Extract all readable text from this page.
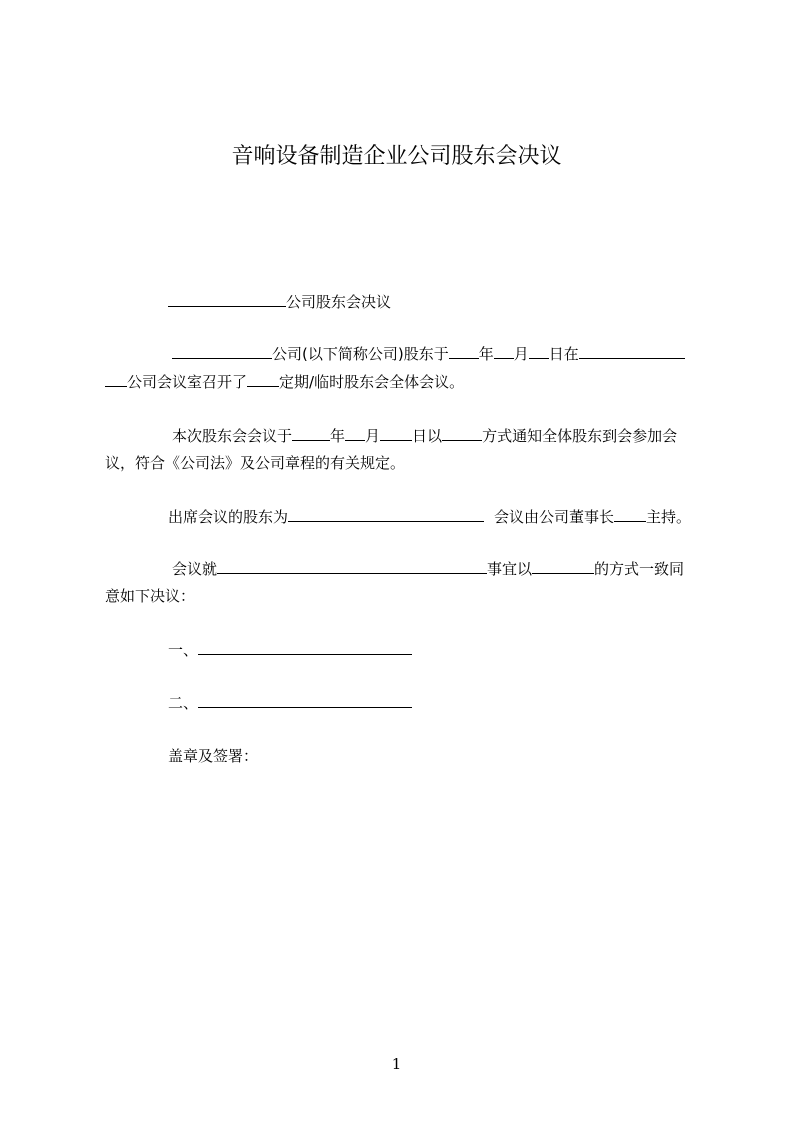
音响设备制造企业公司股东会决议
公司股东会决议
公司(以下简称公司)股东于 年 月 日在
公司会议室召开了 定期/临时股东会全体会议。
本次股东会会议于	年 月 日以	方式通知全体股东到会参加会
议，符合《公司法》及公司章程的有关规定。
出席会议的股东为	会议由公司董事长 主持。
会议就	事宜以	的方式一致同
意如下决议：
一、
二、
盖章及签署：
1
